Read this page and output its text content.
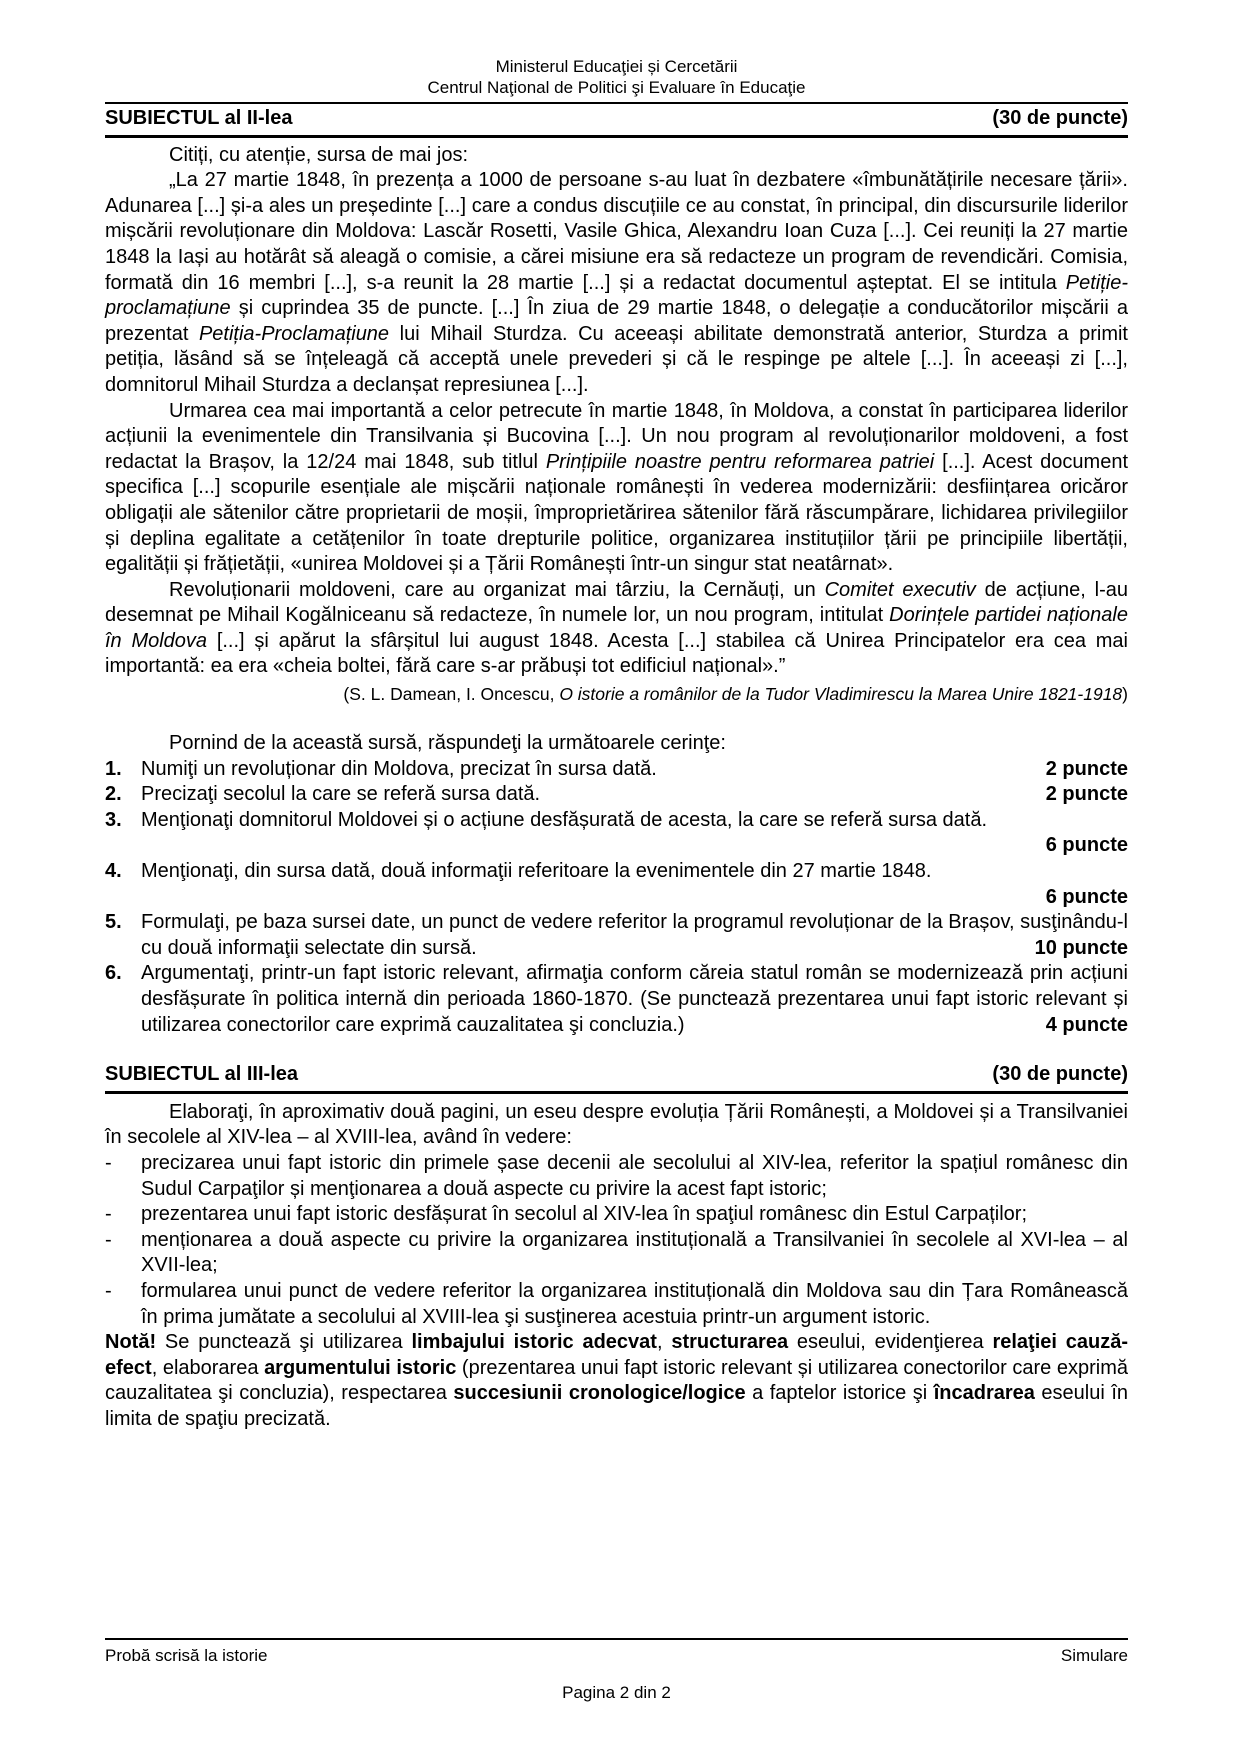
Ministerul Educaţiei și Cercetării
Centrul Naţional de Politici şi Evaluare în Educaţie
SUBIECTUL al II-lea	(30 de puncte)

Citiți, cu atenție, sursa de mai jos:

„La 27 martie 1848, în prezența a 1000 de persoane s-au luat în dezbatere «îmbunătățirile necesare țării». Adunarea [...] și-a ales un președinte [...] care a condus discuțiile ce au constat, în principal, din discursurile liderilor mișcării revoluționare din Moldova: Lascăr Rosetti, Vasile Ghica, Alexandru Ioan Cuza [...]. Cei reuniți la 27 martie 1848 la Iași au hotărât să aleagă o comisie, a cărei misiune era să redacteze un program de revendicări. Comisia, formată din 16 membri [...], s-a reunit la 28 martie [...] și a redactat documentul așteptat. El se intitula Petiție-proclamațiune și cuprindea 35 de puncte. [...] În ziua de 29 martie 1848, o delegație a conducătorilor mișcării a prezentat Petiția-Proclamațiune lui Mihail Sturdza. Cu aceeași abilitate demonstrată anterior, Sturdza a primit petiția, lăsând să se înțeleagă că acceptă unele prevederi și că le respinge pe altele [...]. În aceeași zi [...], domnitorul Mihail Sturdza a declanșat represiunea [...].

Urmarea cea mai importantă a celor petrecute în martie 1848, în Moldova, a constat în participarea liderilor acțiunii la evenimentele din Transilvania și Bucovina [...]. Un nou program al revoluționarilor moldoveni, a fost redactat la Brașov, la 12/24 mai 1848, sub titlul Prințipiile noastre pentru reformarea patriei [...]. Acest document specifica [...] scopurile esențiale ale mișcării naționale românești în vederea modernizării: desființarea oricăror obligații ale sătenilor către proprietarii de moșii, împroprietărirea sătenilor fără răscumpărare, lichidarea privilegiilor și deplina egalitate a cetățenilor în toate drepturile politice, organizarea instituțiilor țării pe principiile libertății, egalității și frățietății, «unirea Moldovei și a Țării Românești într-un singur stat neatârnat».

Revoluționarii moldoveni, care au organizat mai târziu, la Cernăuți, un Comitet executiv de acțiune, l-au desemnat pe Mihail Kogălniceanu să redacteze, în numele lor, un nou program, intitulat Dorințele partidei naționale în Moldova [...] și apărut la sfârșitul lui august 1848. Acesta [...] stabilea că Unirea Principatelor era cea mai importantă: ea era «cheia boltei, fără care s-ar prăbuși tot edificiul național».”

(S. L. Damean, I. Oncescu, O istorie a românilor de la Tudor Vladimirescu la Marea Unire 1821-1918)

Pornind de la această sursă, răspundeţi la următoarele cerinţe:

1. Numiţi un revoluționar din Moldova, precizat în sursa dată.	2 puncte
2. Precizaţi secolul la care se referă sursa dată.	2 puncte
3. Menţionaţi domnitorul Moldovei și o acțiune desfășurată de acesta, la care se referă sursa dată.
6 puncte
4. Menţionaţi, din sursa dată, două informaţii referitoare la evenimentele din 27 martie 1848.
6 puncte
5. Formulaţi, pe baza sursei date, un punct de vedere referitor la programul revoluționar de la Brașov, susţinându-l cu două informaţii selectate din sursă.	10 puncte
6. Argumentaţi, printr-un fapt istoric relevant, afirmaţia conform căreia statul român se modernizează prin acțiuni desfășurate în politica internă din perioada 1860-1870. (Se punctează prezentarea unui fapt istoric relevant și utilizarea conectorilor care exprimă cauzalitatea şi concluzia.)	4 puncte
SUBIECTUL al III-lea	(30 de puncte)

Elaboraţi, în aproximativ două pagini, un eseu despre evoluția Țării Românești, a Moldovei și a Transilvaniei în secolele al XIV-lea – al XVIII-lea, având în vedere:

-	precizarea unui fapt istoric din primele șase decenii ale secolului al XIV-lea, referitor la spațiul românesc din Sudul Carpaţilor și menţionarea a două aspecte cu privire la acest fapt istoric;
-	prezentarea unui fapt istoric desfășurat în secolul al XIV-lea în spaţiul românesc din Estul Carpaților;
-	menționarea a două aspecte cu privire la organizarea instituțională a Transilvaniei în secolele al XVI-lea – al XVII-lea;
-	formularea unui punct de vedere referitor la organizarea instituțională din Moldova sau din Țara Românească în prima jumătate a secolului al XVIII-lea şi susţinerea acestuia printr-un argument istoric.

Notă! Se punctează şi utilizarea limbajului istoric adecvat, structurarea eseului, evidenţierea relaţiei cauză-efect, elaborarea argumentului istoric (prezentarea unui fapt istoric relevant și utilizarea conectorilor care exprimă cauzalitatea şi concluzia), respectarea succesiunii cronologice/logice a faptelor istorice şi încadrarea eseului în limita de spaţiu precizată.

Probă scrisă la istorie	Simulare
Pagina 2 din 2
